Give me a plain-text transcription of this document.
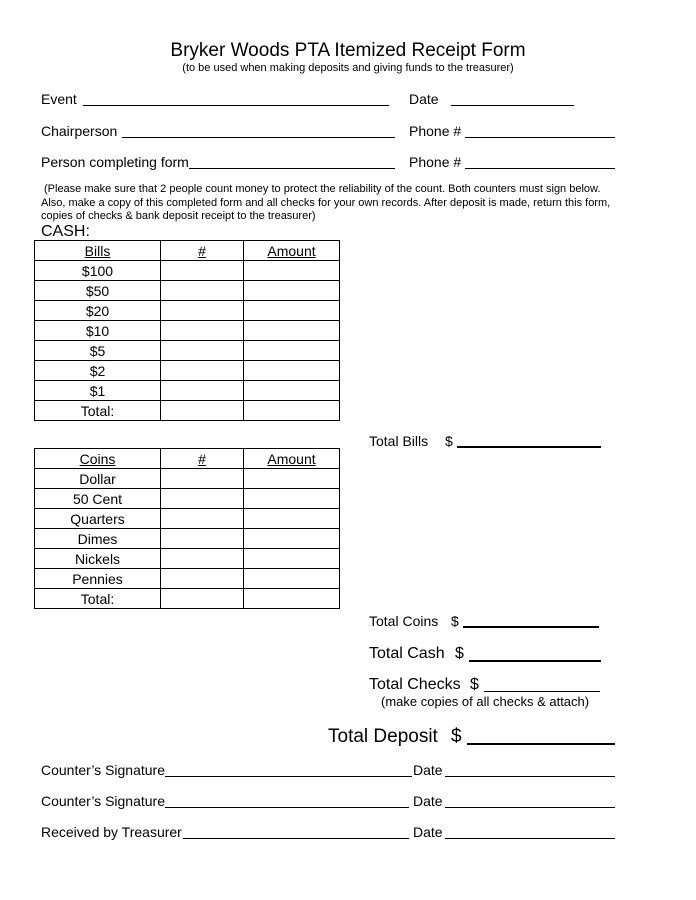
Bryker Woods PTA Itemized Receipt Form
(to be used when making deposits and giving funds to the treasurer)
Event	Date
Chairperson	Phone #
Person completing form	Phone #

(Please make sure that 2 people count money to protect the reliability of the count. Both counters must sign below.

Also, make a copy of this completed form and all checks for your own records. After deposit is made, return this form,

copies of checks & bank deposit receipt to the treasurer)

CASH:
Bills	#	Amount
$100		
$50		
$20		
$10		
$5		
$2		
$1		
Total:		
Total Bills $
Coins	#	Amount
Dollar		
50 Cent		
Quarters		
Dimes		
Nickels		
Pennies		
Total:		
Total Coins $
Total Cash $
Total Checks $
(make copies of all checks & attach)
Total Deposit $
Counter’s Signature	Date
Counter’s Signature	Date
Received by Treasurer	Date
